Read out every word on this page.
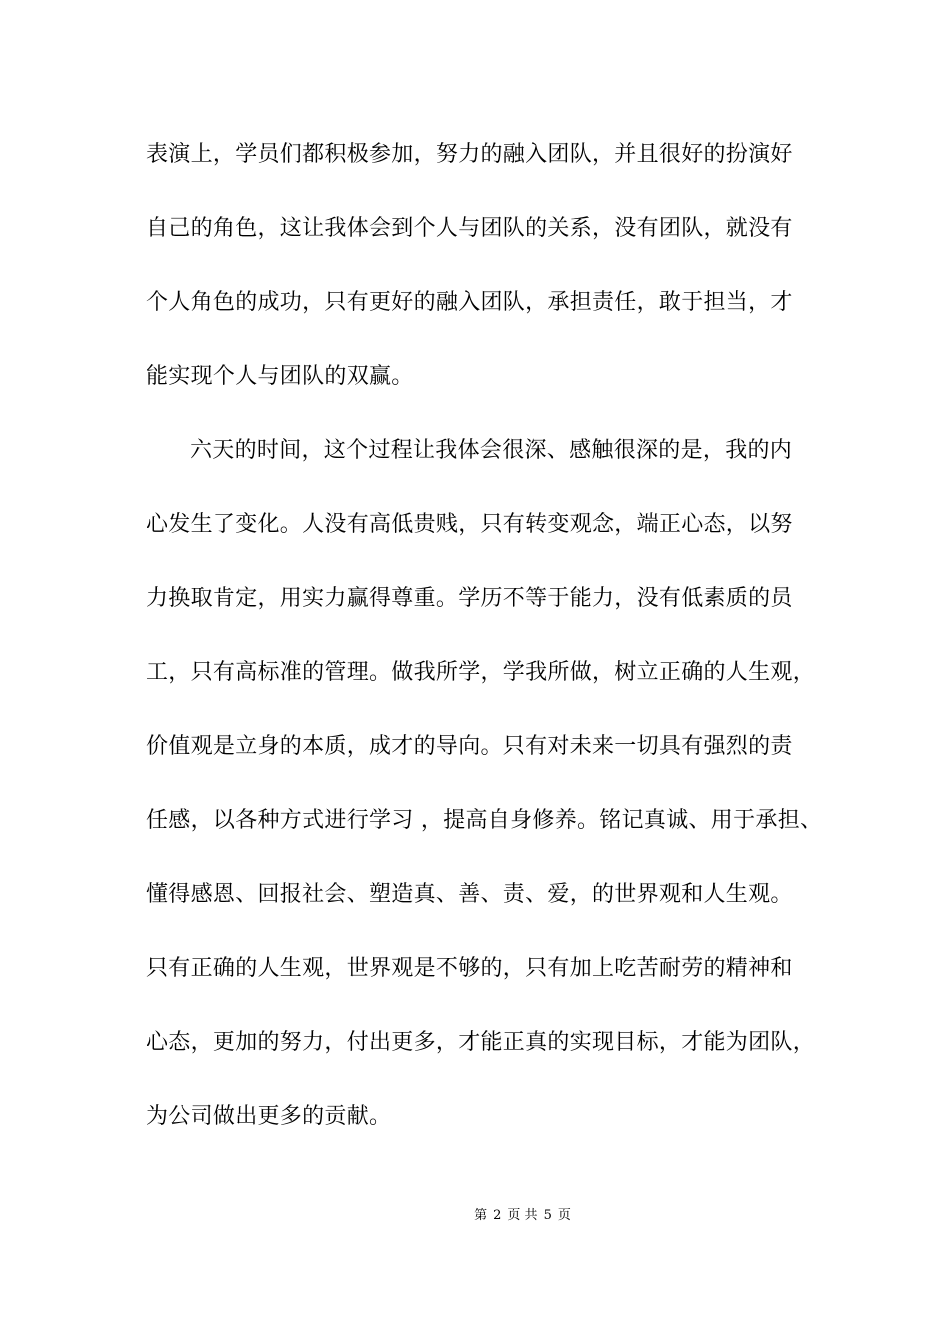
表演上，学员们都积极参加，努力的融入团队，并且很好的扮演好
自己的角色，这让我体会到个人与团队的关系，没有团队，就没有
个人角色的成功，只有更好的融入团队，承担责任，敢于担当，才
能实现个人与团队的双赢。
六天的时间，这个过程让我体会很深、感触很深的是，我的内
心发生了变化。人没有高低贵贱，只有转变观念，端正心态，以努
力换取肯定，用实力赢得尊重。学历不等于能力，没有低素质的员
工，只有高标准的管理。做我所学，学我所做，树立正确的人生观，
价值观是立身的本质，成才的导向。只有对未来一切具有强烈的责
任感，以各种方式进行学习 ，提高自身修养。铭记真诚、用于承担、
懂得感恩、回报社会、塑造真、善、责、爱，的世界观和人生观。
只有正确的人生观，世界观是不够的，只有加上吃苦耐劳的精神和
心态，更加的努力，付出更多，才能正真的实现目标，才能为团队，
为公司做出更多的贡献。
第 2 页 共 5 页
